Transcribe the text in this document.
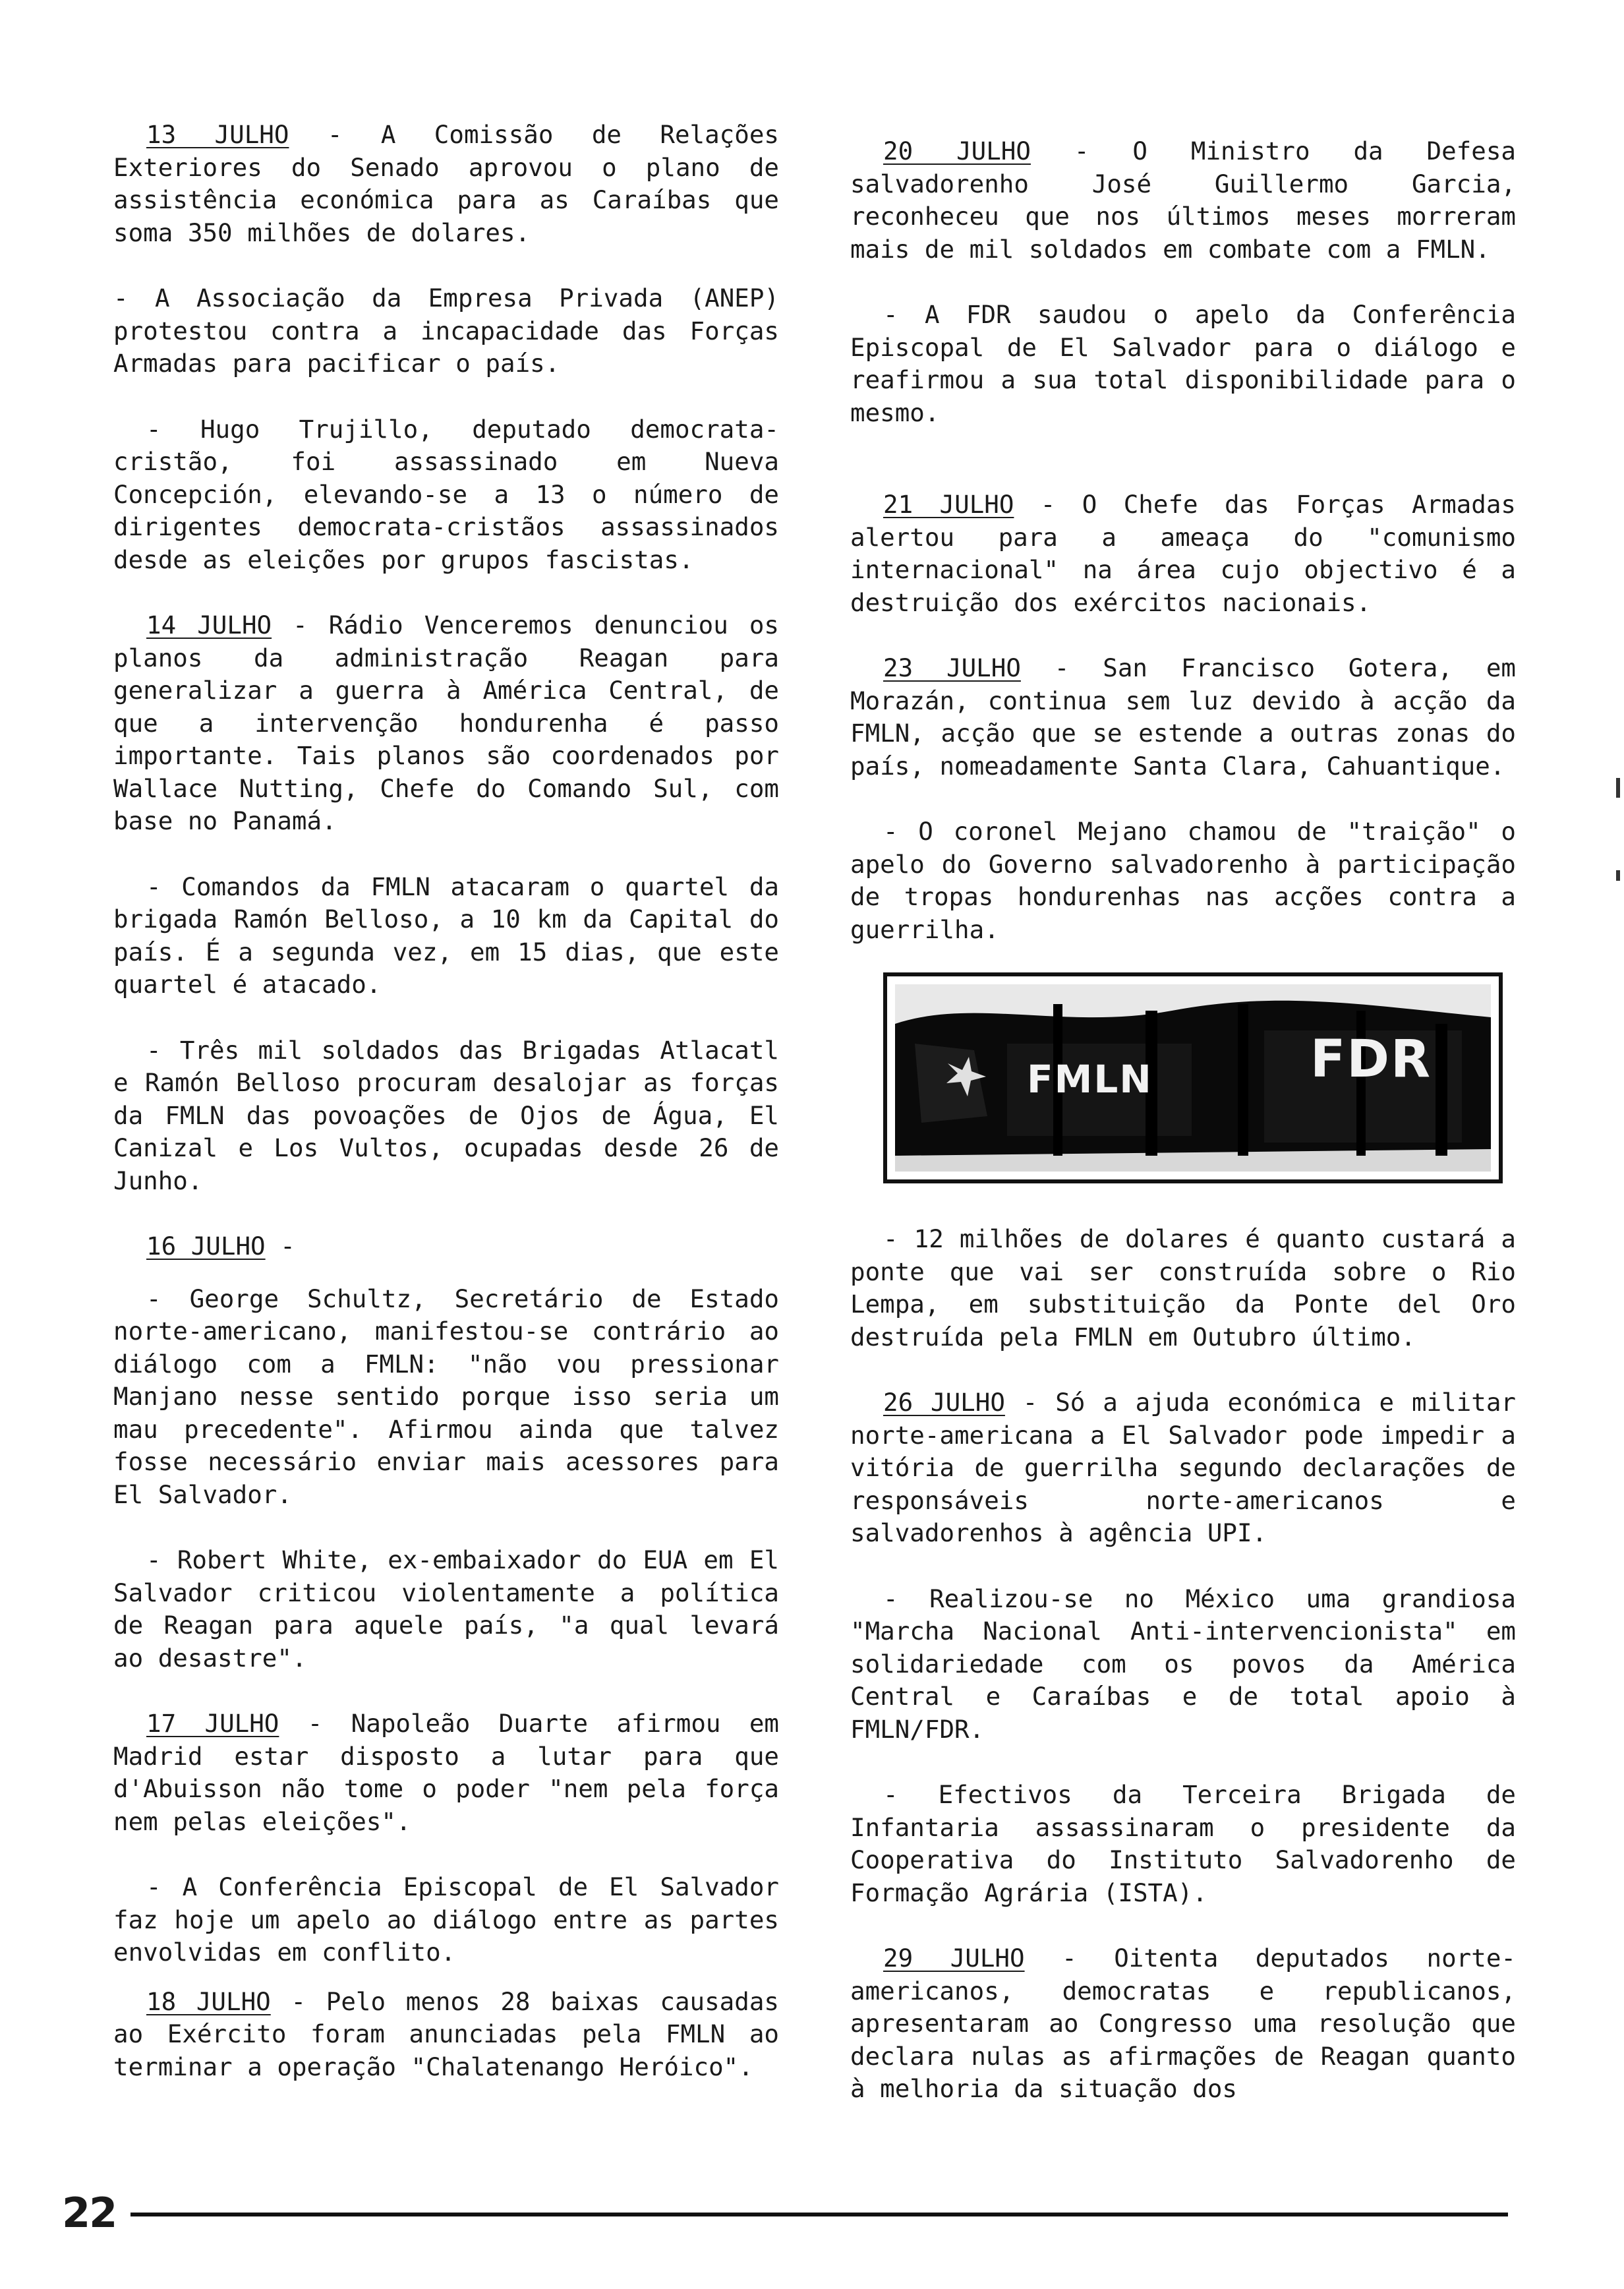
13 JULHO - A Comissão de Relações Exteriores do Senado aprovou o plano de assistência económica para as Caraíbas que soma 350 milhões de dolares.

- A Associação da Empresa Privada (ANEP) protestou contra a incapacidade das Forças Armadas para pacificar o país.

- Hugo Trujillo, deputado democrata-cristão, foi assassinado em Nueva Concepción, elevando-se a 13 o número de dirigentes democrata-cristãos assassinados desde as eleições por grupos fascistas.

14 JULHO - Rádio Venceremos denunciou os planos da administração Reagan para generalizar a guerra à América Central, de que a intervenção hondurenha é passo importante. Tais planos são coordenados por Wallace Nutting, Chefe do Comando Sul, com base no Panamá.

- Comandos da FMLN atacaram o quartel da brigada Ramón Belloso, a 10 km da Capital do país. É a segunda vez, em 15 dias, que este quartel é atacado.

- Três mil soldados das Brigadas Atlacatl e Ramón Belloso procuram desalojar as forças da FMLN das povoações de Ojos de Água, El Canizal e Los Vultos, ocupadas desde 26 de Junho.

16 JULHO -

- George Schultz, Secretário de Estado norte-americano, manifestou-se contrário ao diálogo com a FMLN: "não vou pressionar Manjano nesse sentido porque isso seria um mau precedente". Afirmou ainda que talvez fosse necessário enviar mais acessores para El Salvador.

- Robert White, ex-embaixador do EUA em El Salvador criticou violentamente a política de Reagan para aquele país, "a qual levará ao desastre".

17 JULHO - Napoleão Duarte afirmou em Madrid estar disposto a lutar para que d'Abuisson não tome o poder "nem pela força nem pelas eleições".

- A Conferência Episcopal de El Salvador faz hoje um apelo ao diálogo entre as partes envolvidas em conflito.

18 JULHO - Pelo menos 28 baixas causadas ao Exército foram anunciadas pela FMLN ao terminar a operação "Chalatenango Heróico".

20 JULHO - O Ministro da Defesa salvadorenho José Guillermo Garcia, reconheceu que nos últimos meses morreram mais de mil soldados em combate com a FMLN.

- A FDR saudou o apelo da Conferência Episcopal de El Salvador para o diálogo e reafirmou a sua total disponibilidade para o mesmo.

21 JULHO - O Chefe das Forças Armadas alertou para a ameaça do "comunismo internacional" na área cujo objectivo é a destruição dos exércitos nacionais.

23 JULHO - San Francisco Gotera, em Morazán, continua sem luz devido à acção da FMLN, acção que se estende a outras zonas do país, nomeadamente Santa Clara, Cahuantique.

- O coronel Mejano chamou de "traição" o apelo do Governo salvadorenho à participação de tropas hondurenhas nas acções contra a guerrilha.

FMLN	FDR

- 12 milhões de dolares é quanto custará a ponte que vai ser construída sobre o Rio Lempa, em substituição da Ponte del Oro destruída pela FMLN em Outubro último.

26 JULHO - Só a ajuda económica e militar norte-americana a El Salvador pode impedir a vitória de guerrilha segundo declarações de responsáveis norte-americanos e salvadorenhos à agência UPI.

- Realizou-se no México uma grandiosa "Marcha Nacional Anti-intervencionista" em solidariedade com os povos da América Central e Caraíbas e de total apoio à FMLN/FDR.

- Efectivos da Terceira Brigada de Infantaria assassinaram o presidente da Cooperativa do Instituto Salvadorenho de Formação Agrária (ISTA).

29 JULHO - Oitenta deputados norte-americanos, democratas e republicanos, apresentaram ao Congresso uma resolução que declara nulas as afirmações de Reagan quanto à melhoria da situação dos

22
